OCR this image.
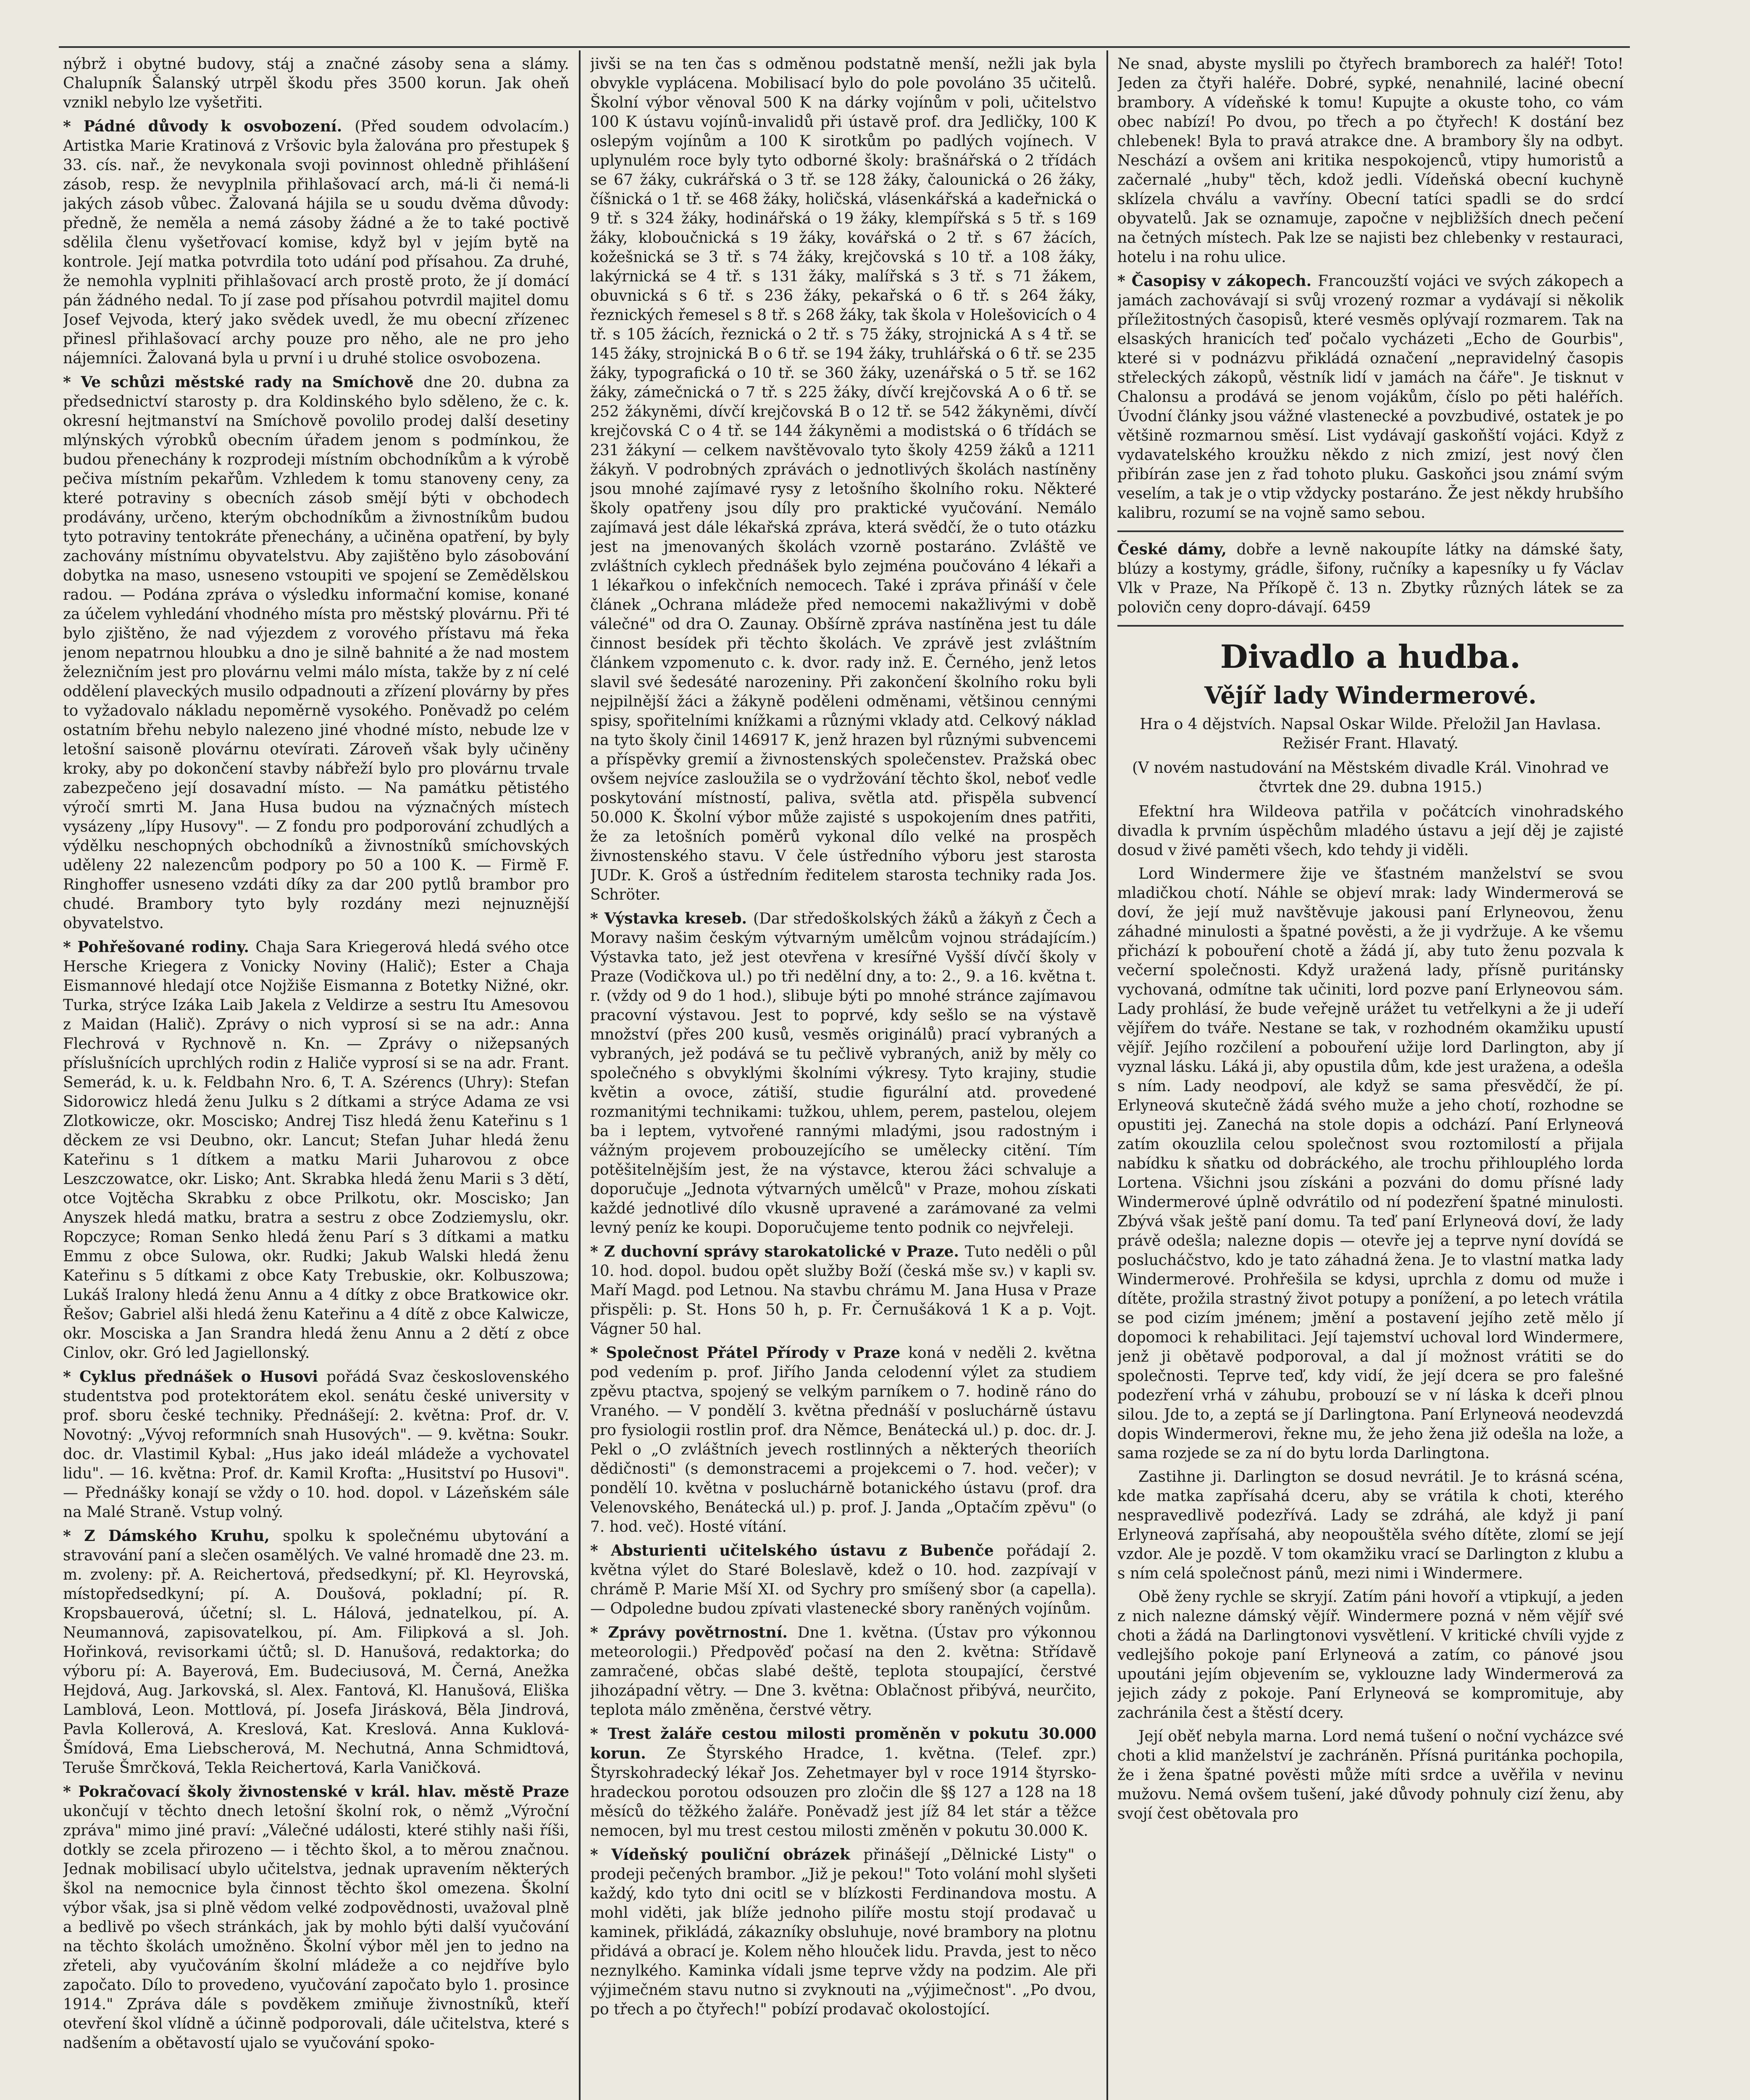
nýbrž i obytné budovy, stáj a značné zásoby sena a slámy. Chalupník Šalanský utrpěl škodu přes 3500 korun. Jak oheň vznikl nebylo lze vyšetřiti.

* Pádné důvody k osvobození. (Před soudem odvolacím.) Artistka Marie Kratinová z Vršovic byla žalována pro přestupek § 33. cís. nař., že nevykonala svoji povinnost ohledně přihlášení zásob, resp. že nevyplnila přihlašovací arch, má-li či nemá-li jakých zásob vůbec. Žalovaná hájila se u soudu dvěma důvody: předně, že neměla a nemá zásoby žádné a že to také poctivě sdělila členu vyšetřovací komise, když byl v jejím bytě na kontrole. Její matka potvrdila toto udání pod přísahou. Za druhé, že nemohla vyplniti přihlašovací arch prostě proto, že jí domácí pán žádného nedal. To jí zase pod přísahou potvrdil majitel domu Josef Vejvoda, který jako svědek uvedl, že mu obecní zřízenec přinesl přihlašovací archy pouze pro něho, ale ne pro jeho nájemníci. Žalovaná byla u první i u druhé stolice osvobozena.

* Ve schůzi městské rady na Smíchově dne 20. dubna za předsednictví starosty p. dra Koldinského bylo sděleno, že c. k. okresní hejtmanství na Smíchově povolilo prodej další desetiny mlýnských výrobků obecním úřadem jenom s podmínkou, že budou přenechány k rozprodeji místním obchodníkům a k výrobě pečiva místním pekařům. Vzhledem k tomu stanoveny ceny, za které potraviny s obecních zásob smějí býti v obchodech prodávány, určeno, kterým obchodníkům a živnostníkům budou tyto potraviny tentokráte přenechány, a učiněna opatření, by byly zachovány místnímu obyvatelstvu. Aby zajištěno bylo zásobování dobytka na maso, usneseno vstoupiti ve spojení se Zemědělskou radou. — Podána zpráva o výsledku informační komise, konané za účelem vyhledání vhodného místa pro městský plovárnu. Při té bylo zjištěno, že nad výjezdem z vorového přístavu má řeka jenom nepatrnou hloubku a dno je silně bahnité a že nad mostem železničním jest pro plovárnu velmi málo místa, takže by z ní celé oddělení plaveckých musilo odpadnouti a zřízení plovárny by přes to vyžadovalo nákladu nepoměrně vysokého. Poněvadž po celém ostatním břehu nebylo nalezeno jiné vhodné místo, nebude lze v letošní saisoně plovárnu otevírati. Zároveň však byly učiněny kroky, aby po dokončení stavby nábřeží bylo pro plovárnu trvale zabezpečeno její dosavadní místo. — Na památku pětistého výročí smrti M. Jana Husa budou na význačných místech vysázeny „lípy Husovy". — Z fondu pro podporování zchudlých a výdělku neschopných obchodníků a živnostníků smíchovských uděleny 22 nalezencům podpory po 50 a 100 K. — Firmě F. Ringhoffer usneseno vzdáti díky za dar 200 pytlů brambor pro chudé. Brambory tyto byly rozdány mezi nejnuznější obyvatelstvo.

* Pohřešované rodiny. Chaja Sara Kriegerová hledá svého otce Hersche Kriegera z Vonicky Noviny (Halič); Ester a Chaja Eismannové hledají otce Nojžiše Eismanna z Botetky Nižné, okr. Turka, strýce Izáka Laib Jakela z Veldirze a sestru Itu Amesovou z Maidan (Halič). Zprávy o nich vyprosí si se na adr.: Anna Flechrová v Rychnově n. Kn. — Zprávy o nižepsaných příslušnících uprchlých rodin z Haliče vyprosí si se na adr. Frant. Semerád, k. u. k. Feldbahn Nro. 6, T. A. Szérencs (Uhry): Stefan Sidorowicz hledá ženu Julku s 2 dítkami a strýce Adama ze vsi Zlotkowicze, okr. Moscisko; Andrej Tisz hledá ženu Kateřinu s 1 děckem ze vsi Deubno, okr. Lancut; Stefan Juhar hledá ženu Kateřinu s 1 dítkem a matku Marii Juharovou z obce Leszczowatce, okr. Lisko; Ant. Skrabka hledá ženu Marii s 3 dětí, otce Vojtěcha Skrabku z obce Prilkotu, okr. Moscisko; Jan Anyszek hledá matku, bratra a sestru z obce Zodziemyslu, okr. Ropczyce; Roman Senko hledá ženu Parí s 3 dítkami a matku Emmu z obce Sulowa, okr. Rudki; Jakub Walski hledá ženu Kateřinu s 5 dítkami z obce Katy Trebuskie, okr. Kolbuszowa; Lukáš Iralony hledá ženu Annu a 4 dítky z obce Bratkowice okr. Řešov; Gabriel alši hledá ženu Kateřinu a 4 dítě z obce Kalwicze, okr. Mosciska a Jan Srandra hledá ženu Annu a 2 dětí z obce Cinlov, okr. Gró led Jagiellonský.

* Cyklus přednášek o Husovi pořádá Svaz československého studentstva pod protektorátem ekol. senátu české university v prof. sboru české techniky. Přednášejí: 2. května: Prof. dr. V. Novotný: „Vývoj reformních snah Husových". — 9. května: Soukr. doc. dr. Vlastimil Kybal: „Hus jako ideál mládeže a vychovatel lidu". — 16. května: Prof. dr. Kamil Krofta: „Husitství po Husovi". — Přednášky konají se vždy o 10. hod. dopol. v Lázeňském sále na Malé Straně. Vstup volný.

* Z Dámského Kruhu, spolku k společnému ubytování a stravování paní a slečen osamělých. Ve valné hromadě dne 23. m. m. zvoleny: př. A. Reichertová, předsedkyní; př. Kl. Heyrovská, místopředsedkyní; pí. A. Doušová, pokladní; pí. R. Kropsbauerová, účetní; sl. L. Hálová, jednatelkou, pí. A. Neumannová, zapisovatelkou, pí. Am. Filipková a sl. Joh. Hořinková, revisorkami účtů; sl. D. Hanušová, redaktorka; do výboru pí: A. Bayerová, Em. Budeciusová, M. Černá, Anežka Hejdová, Aug. Jarkovská, sl. Alex. Fantová, Kl. Hanušová, Eliška Lamblová, Leon. Mottlová, pí. Josefa Jirásková, Běla Jindrová, Pavla Kollerová, A. Kreslová, Kat. Kreslová. Anna Kuklová-Šmídová, Ema Liebscherová, M. Nechutná, Anna Schmidtová, Teruše Šmrčková, Tekla Reichertová, Karla Vaničková.

* Pokračovací školy živnostenské v král. hlav. městě Praze ukončují v těchto dnech letošní školní rok, o němž „Výroční zpráva" mimo jiné praví: „Válečné události, které stihly naši říši, dotkly se zcela přirozeno — i těchto škol, a to měrou značnou. Jednak mobilisací ubylo učitelstva, jednak upravením některých škol na nemocnice byla činnost těchto škol omezena. Školní výbor však, jsa si plně vědom velké zodpovědnosti, uvažoval plně a bedlivě po všech stránkách, jak by mohlo býti další vyučování na těchto školách umožněno. Školní výbor měl jen to jedno na zřeteli, aby vyučováním školní mládeže a co nejdříve bylo započato. Dílo to provedeno, vyučování započato bylo 1. prosince 1914." Zpráva dále s povděkem zmiňuje živnostníků, kteří otevření škol vlídně a účinně podporovali, dále učitelstva, které s nadšením a obětavostí ujalo se vyučování spoko-

jivši se na ten čas s odměnou podstatně menší, nežli jak byla obvykle vyplácena. Mobilisací bylo do pole povoláno 35 učitelů. Školní výbor věnoval 500 K na dárky vojínům v poli, učitelstvo 100 K ústavu vojínů-invalidů při ústavě prof. dra Jedličky, 100 K oslepým vojínům a 100 K sirotkům po padlých vojínech. V uplynulém roce byly tyto odborné školy: brašnářská o 2 třídách se 67 žáky, cukrářská o 3 tř. se 128 žáky, čalounická o 26 žáky, číšnická o 1 tř. se 468 žáky, holičská, vlásenkářská a kadeřnická o 9 tř. s 324 žáky, hodinářská o 19 žáky, klempířská s 5 tř. s 169 žáky, kloboučnická s 19 žáky, kovářská o 2 tř. s 67 žácích, kožešnická se 3 tř. s 74 žáky, krejčovská s 10 tř. a 108 žáky, lakýrnická se 4 tř. s 131 žáky, malířská s 3 tř. s 71 žákem, obuvnická s 6 tř. s 236 žáky, pekařská o 6 tř. s 264 žáky, řeznických řemesel s 8 tř. s 268 žáky, tak škola v Holešovicích o 4 tř. s 105 žácích, řeznická o 2 tř. s 75 žáky, strojnická A s 4 tř. se 145 žáky, strojnická B o 6 tř. se 194 žáky, truhlářská o 6 tř. se 235 žáky, typografická o 10 tř. se 360 žáky, uzenářská o 5 tř. se 162 žáky, zámečnická o 7 tř. s 225 žáky, dívčí krejčovská A o 6 tř. se 252 žákyněmi, dívčí krejčovská B o 12 tř. se 542 žákyněmi, dívčí krejčovská C o 4 tř. se 144 žákyněmi a modistská o 6 třídách se 231 žákyní — celkem navštěvovalo tyto školy 4259 žáků a 1211 žákyň. V podrobných zprávách o jednotlivých školách nastíněny jsou mnohé zajímavé rysy z letošního školního roku. Některé školy opatřeny jsou díly pro praktické vyučování. Nemálo zajímavá jest dále lékařská zpráva, která svědčí, že o tuto otázku jest na jmenovaných školách vzorně postaráno. Zvláště ve zvláštních cyklech přednášek bylo zejména poučováno 4 lékaři a 1 lékařkou o infekčních nemocech. Také i zpráva přináší v čele článek „Ochrana mládeže před nemocemi nakažlivými v době válečné" od dra O. Zaunay. Obšírně zpráva nastíněna jest tu dále činnost besídek při těchto školách. Ve zprávě jest zvláštním článkem vzpomenuto c. k. dvor. rady inž. E. Černého, jenž letos slavil své šedesáté narozeniny. Při zakončení školního roku byli nejpilnější žáci a žákyně poděleni odměnami, většinou cennými spisy, spořitelními knížkami a různými vklady atd. Celkový náklad na tyto školy činil 146917 K, jenž hrazen byl různými subvencemi a příspěvky gremií a živnostenských společenstev. Pražská obec ovšem nejvíce zasloužila se o vydržování těchto škol, neboť vedle poskytování místností, paliva, světla atd. přispěla subvencí 50.000 K. Školní výbor může zajisté s uspokojením dnes patřiti, že za letošních poměrů vykonal dílo velké na prospěch živnostenského stavu. V čele ústředního výboru jest starosta JUDr. K. Groš a ústředním ředitelem starosta techniky rada Jos. Schröter.

* Výstavka kreseb. (Dar středoškolských žáků a žákyň z Čech a Moravy našim českým výtvarným umělcům vojnou strádajícím.) Výstavka tato, jež jest otevřena v kresířné Vyšší dívčí školy v Praze (Vodičkova ul.) po tři nedělní dny, a to: 2., 9. a 16. května t. r. (vždy od 9 do 1 hod.), slibuje býti po mnohé stránce zajímavou pracovní výstavou. Jest to poprvé, kdy sešlo se na výstavě množství (přes 200 kusů, vesměs originálů) prací vybraných a vybraných, jež podává se tu pečlivě vybraných, aniž by měly co společného s obvyklými školními výkresy. Tyto krajiny, studie květin a ovoce, zátiší, studie figurální atd. provedené rozmanitými technikami: tužkou, uhlem, perem, pastelou, olejem ba i leptem, vytvořené rannými mladými, jsou radostným i vážným projevem probouzejícího se umělecky citění. Tím potěšitelnějším jest, že na výstavce, kterou žáci schvaluje a doporučuje „Jednota výtvarných umělců" v Praze, mohou získati každé jednotlivé dílo vkusně upravené a zarámované za velmi levný peníz ke koupi. Doporučujeme tento podnik co nejvřeleji.

* Z duchovní správy starokatolické v Praze. Tuto neděli o půl 10. hod. dopol. budou opět služby Boží (česká mše sv.) v kapli sv. Maří Magd. pod Letnou. Na stavbu chrámu M. Jana Husa v Praze přispěli: p. St. Hons 50 h, p. Fr. Černušáková 1 K a p. Vojt. Vágner 50 hal.

* Společnost Přátel Přírody v Praze koná v neděli 2. května pod vedením p. prof. Jiřího Janda celodenní výlet za studiem zpěvu ptactva, spojený se velkým parníkem o 7. hodině ráno do Vraného. — V pondělí 3. května přednáší v posluchárně ústavu pro fysiologii rostlin prof. dra Němce, Benátecká ul.) p. doc. dr. J. Pekl o „O zvláštních jevech rostlinných a některých theoriích dědičnosti" (s demonstracemi a projekcemi o 7. hod. večer); v pondělí 10. května v posluchárně botanického ústavu (prof. dra Velenovského, Benátecká ul.) p. prof. J. Janda „Optačím zpěvu" (o 7. hod. več). Hosté vítání.

* Absturienti učitelského ústavu z Bubenče pořádají 2. května výlet do Staré Boleslavě, kdež o 10. hod. zazpívají v chrámě P. Marie Mší XI. od Sychry pro smíšený sbor (a capella). — Odpoledne budou zpívati vlastenecké sbory raněných vojínům.

* Zprávy povětrnostní. Dne 1. května. (Ústav pro výkonnou meteorologii.) Předpověď počasí na den 2. května: Střídavě zamračené, občas slabé deště, teplota stoupající, čerstvé jihozápadní větry. — Dne 3. května: Oblačnost přibývá, neurčito, teplota málo změněna, čerstvé větry.

* Trest žaláře cestou milosti proměněn v pokutu 30.000 korun. Ze Štyrského Hradce, 1. května. (Telef. zpr.) Štyrskohradecký lékař Jos. Zehetmayer byl v roce 1914 štyrsko-hradeckou porotou odsouzen pro zločin dle §§ 127 a 128 na 18 měsíců do těžkého žaláře. Poněvadž jest jíž 84 let stár a těžce nemocen, byl mu trest cestou milosti změněn v pokutu 30.000 K.

* Vídeňský pouliční obrázek přinášejí „Dělnické Listy" o prodeji pečených brambor. „Již je pekou!" Toto volání mohl slyšeti každý, kdo tyto dni ocitl se v blízkosti Ferdinandova mostu. A mohl viděti, jak blíže jednoho pilíře mostu stojí prodavač u kaminek, přikládá, zákazníky obsluhuje, nové brambory na plotnu přidává a obrací je. Kolem něho hlouček lidu. Pravda, jest to něco neznylkého. Kaminka vídali jsme teprve vždy na podzim. Ale při výjimečném stavu nutno si zvyknouti na „výjimečnost". „Po dvou, po třech a po čtyřech!" pobízí prodavač okolostojící.

Ne snad, abyste myslili po čtyřech bramborech za haléř! Toto! Jeden za čtyři haléře. Dobré, sypké, nenahnilé, laciné obecní brambory. A vídeňské k tomu! Kupujte a okuste toho, co vám obec nabízí! Po dvou, po třech a po čtyřech! K dostání bez chlebenek! Byla to pravá atrakce dne. A brambory šly na odbyt. Neschází a ovšem ani kritika nespokojenců, vtipy humoristů a začernalé „huby" těch, kdož jedli. Vídeňská obecní kuchyně sklízela chválu a vavříny. Obecní tatíci spadli se do srdcí obyvatelů. Jak se oznamuje, započne v nejbližších dnech pečení na četných místech. Pak lze se najisti bez chlebenky v restauraci, hotelu i na rohu ulice.

* Časopisy v zákopech. Francouzští vojáci ve svých zákopech a jamách zachovávají si svůj vrozený rozmar a vydávají si několik příležitostných časopisů, které vesměs oplývají rozmarem. Tak na elsaských hranicích teď počalo vycházeti „Echo de Gourbis", které si v podnázvu přikládá označení „nepravidelný časopis střeleckých zákopů, věstník lidí v jamách na čáře". Je tisknut v Chalonsu a prodává se jenom vojákům, číslo po pěti haléřích. Úvodní články jsou vážné vlastenecké a povzbudivé, ostatek je po většině rozmarnou směsí. List vydávají gaskoňští vojáci. Když z vydavatelského kroužku někdo z nich zmizí, jest nový člen přibírán zase jen z řad tohoto pluku. Gaskoňci jsou známí svým veselím, a tak je o vtip vždycky postaráno. Že jest někdy hrubšího kalibru, rozumí se na vojně samo sebou.

České dámy, dobře a levně nakoupíte látky na dámské šaty, blúzy a kostymy, grádle, šifony, ručníky a kapesníky u fy Václav Vlk v Praze, Na Příkopě č. 13 n. Zbytky různých látek se za polovičn ceny dopro-dávají. 6459

Divadlo a hudba.
Vějíř lady Windermerové.
Hra o 4 dějstvích. Napsal Oskar Wilde. Přeložil Jan Havlasa. Režisér Frant. Hlavatý.
(V novém nastudování na Městském divadle Král. Vinohrad ve čtvrtek dne 29. dubna 1915.)

Efektní hra Wildeova patřila v počátcích vinohradského divadla k prvním úspěchům mladého ústavu a její děj je zajisté dosud v živé paměti všech, kdo tehdy ji viděli.

Lord Windermere žije ve šťastném manželství se svou mladičkou chotí. Náhle se objeví mrak: lady Windermerová se doví, že její muž navštěvuje jakousi paní Erlyneovou, ženu záhadné minulosti a špatné pověsti, a že ji vydržuje. A ke všemu přichází k pobouření chotě a žádá jí, aby tuto ženu pozvala k večerní společnosti. Když uražená lady, přísně puritánsky vychovaná, odmítne tak učiniti, lord pozve paní Erlyneovou sám. Lady prohlásí, že bude veřejně urážet tu vetřelkyni a že ji udeří vějířem do tváře. Nestane se tak, v rozhodném okamžiku upustí vějíř. Jejího rozčilení a pobouření užije lord Darlington, aby jí vyznal lásku. Láká ji, aby opustila dům, kde jest uražena, a odešla s ním. Lady neodpoví, ale když se sama přesvědčí, že pí. Erlyneová skutečně žádá svého muže a jeho chotí, rozhodne se opustiti jej. Zanechá na stole dopis a odchází. Paní Erlyneová zatím okouzlila celou společnost svou roztomilostí a přijala nabídku k sňatku od dobráckého, ale trochu přihlouplého lorda Lortena. Všichni jsou získáni a pozváni do domu přísné lady Windermerové úplně odvrátilo od ní podezření špatné minulosti. Zbývá však ještě paní domu. Ta teď paní Erlyneová doví, že lady právě odešla; nalezne dopis — otevře jej a teprve nyní dovídá se poslucháčstvo, kdo je tato záhadná žena. Je to vlastní matka lady Windermerové. Prohřešila se kdysi, uprchla z domu od muže i dítěte, prožila strastný život potupy a ponížení, a po letech vrátila se pod cizím jménem; jmění a postavení jejího zetě mělo jí dopomoci k rehabilitaci. Její tajemství uchoval lord Windermere, jenž ji obětavě podporoval, a dal jí možnost vrátiti se do společnosti. Teprve teď, kdy vidí, že její dcera se pro falešné podezření vrhá v záhubu, probouzí se v ní láska k dceři plnou silou. Jde to, a zeptá se jí Darlingtona. Paní Erlyneová neodevzdá dopis Windermerovi, řekne mu, že jeho žena již odešla na lože, a sama rozjede se za ní do bytu lorda Darlingtona.

Zastihne ji. Darlington se dosud nevrátil. Je to krásná scéna, kde matka zapřísahá dceru, aby se vrátila k choti, kterého nespravedlivě podezřívá. Lady se zdráhá, ale když ji paní Erlyneová zapřísahá, aby neopouštěla svého dítěte, zlomí se její vzdor. Ale je pozdě. V tom okamžiku vrací se Darlington z klubu a s ním celá společnost pánů, mezi nimi i Windermere.

Obě ženy rychle se skryjí. Zatím páni hovoří a vtipkují, a jeden z nich nalezne dámský vějíř. Windermere pozná v něm vějíř své choti a žádá na Darlingtonovi vysvětlení. V kritické chvíli vyjde z vedlejšího pokoje paní Erlyneová a zatím, co pánové jsou upoutáni jejím objevením se, vyklouzne lady Windermerová za jejich zády z pokoje. Paní Erlyneová se kompromituje, aby zachránila čest a štěstí dcery.

Její oběť nebyla marna. Lord nemá tušení o noční vycházce své choti a klid manželství je zachráněn. Přísná puritánka pochopila, že i žena špatné pověsti může míti srdce a uvěřila v nevinu mužovu. Nemá ovšem tušení, jaké důvody pohnuly cizí ženu, aby svojí čest obětovala pro
